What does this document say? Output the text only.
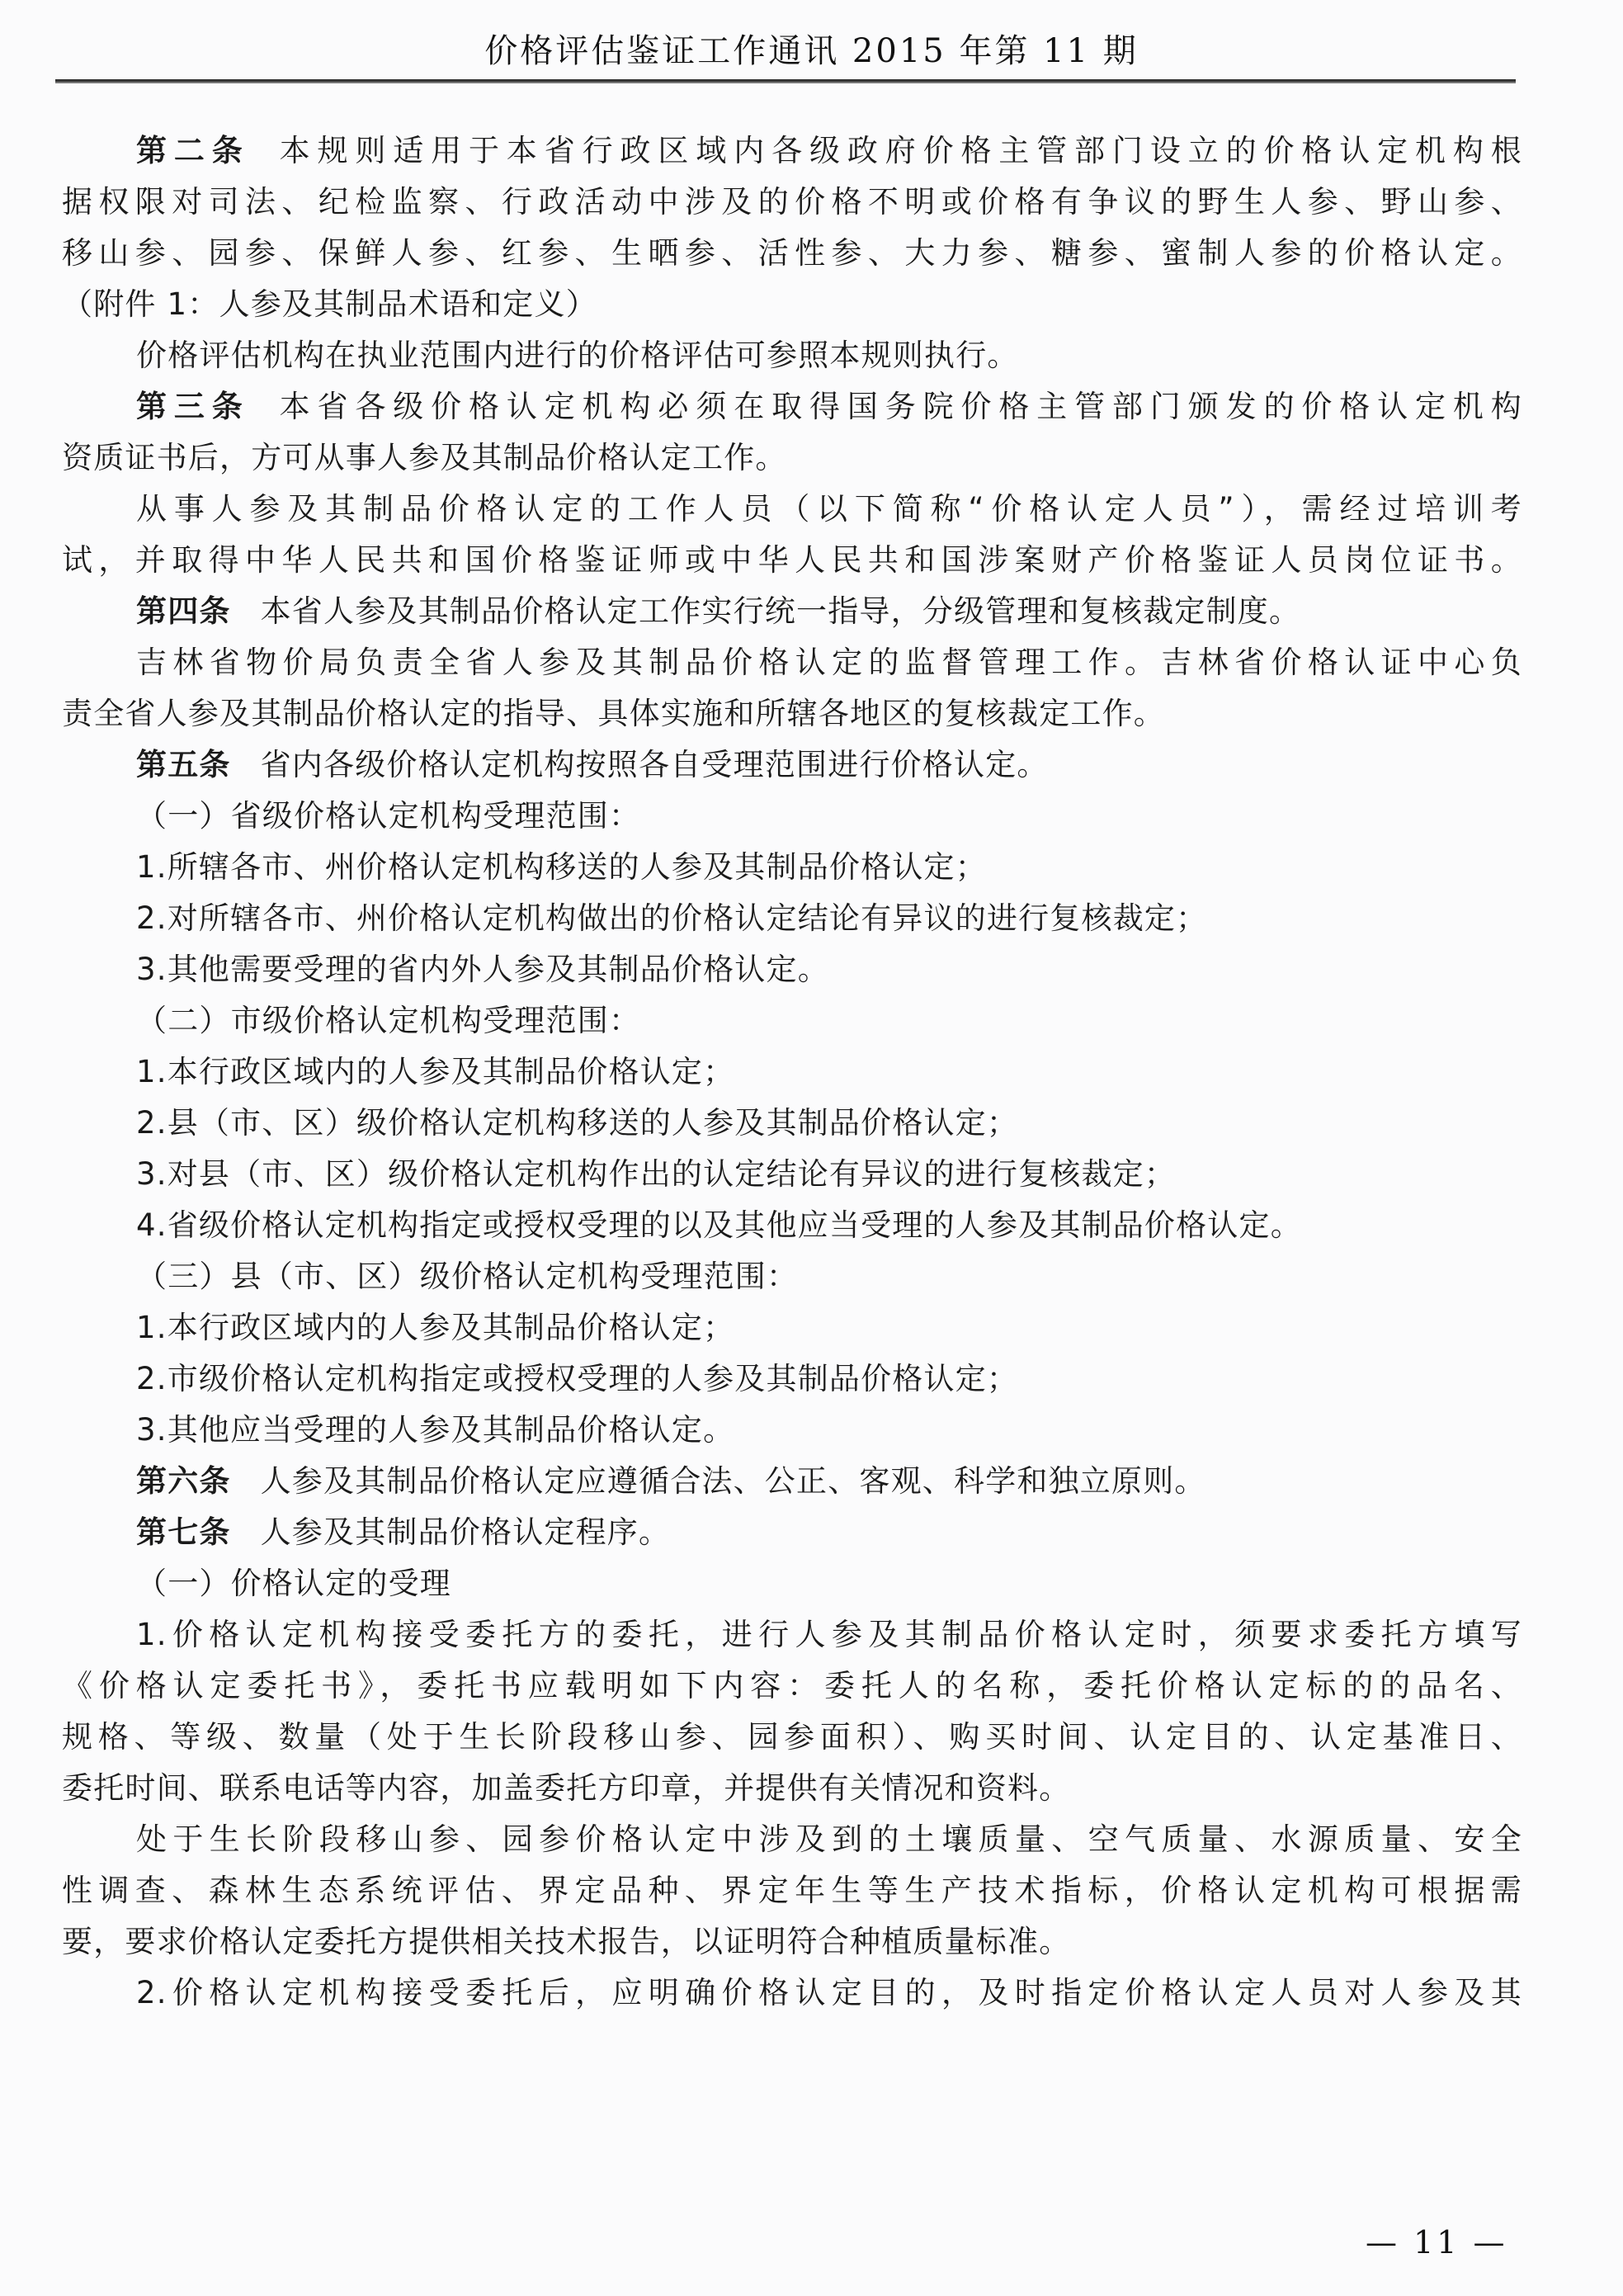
价格评估鉴证工作通讯 2015 年第 11 期
第二条 本规则适用于本省行政区域内各级政府价格主管部门设立的价格认定机构根
据权限对司法、纪检监察、行政活动中涉及的价格不明或价格有争议的野生人参、野山参、
移山参、园参、保鲜人参、红参、生晒参、活性参、大力参、糖参、蜜制人参的价格认定。
（附件 1：人参及其制品术语和定义）
价格评估机构在执业范围内进行的价格评估可参照本规则执行。
第三条 本省各级价格认定机构必须在取得国务院价格主管部门颁发的价格认定机构
资质证书后，方可从事人参及其制品价格认定工作。
从事人参及其制品价格认定的工作人员（以下简称“价格认定人员”），需经过培训考
试，并取得中华人民共和国价格鉴证师或中华人民共和国涉案财产价格鉴证人员岗位证书。
第四条 本省人参及其制品价格认定工作实行统一指导，分级管理和复核裁定制度。
吉林省物价局负责全省人参及其制品价格认定的监督管理工作。吉林省价格认证中心负
责全省人参及其制品价格认定的指导、具体实施和所辖各地区的复核裁定工作。
第五条 省内各级价格认定机构按照各自受理范围进行价格认定。
（一）省级价格认定机构受理范围：
1.所辖各市、州价格认定机构移送的人参及其制品价格认定；
2.对所辖各市、州价格认定机构做出的价格认定结论有异议的进行复核裁定；
3.其他需要受理的省内外人参及其制品价格认定。
（二）市级价格认定机构受理范围：
1.本行政区域内的人参及其制品价格认定；
2.县（市、区）级价格认定机构移送的人参及其制品价格认定；
3.对县（市、区）级价格认定机构作出的认定结论有异议的进行复核裁定；
4.省级价格认定机构指定或授权受理的以及其他应当受理的人参及其制品价格认定。
（三）县（市、区）级价格认定机构受理范围：
1.本行政区域内的人参及其制品价格认定；
2.市级价格认定机构指定或授权受理的人参及其制品价格认定；
3.其他应当受理的人参及其制品价格认定。
第六条 人参及其制品价格认定应遵循合法、公正、客观、科学和独立原则。
第七条 人参及其制品价格认定程序。
（一）价格认定的受理
1.价格认定机构接受委托方的委托，进行人参及其制品价格认定时，须要求委托方填写
《价格认定委托书》，委托书应载明如下内容：委托人的名称，委托价格认定标的的品名、
规格、等级、数量（处于生长阶段移山参、园参面积）、购买时间、认定目的、认定基准日、
委托时间、联系电话等内容，加盖委托方印章，并提供有关情况和资料。
处于生长阶段移山参、园参价格认定中涉及到的土壤质量、空气质量、水源质量、安全
性调查、森林生态系统评估、界定品种、界定年生等生产技术指标，价格认定机构可根据需
要，要求价格认定委托方提供相关技术报告，以证明符合种植质量标准。
2.价格认定机构接受委托后，应明确价格认定目的，及时指定价格认定人员对人参及其
— 11 —
